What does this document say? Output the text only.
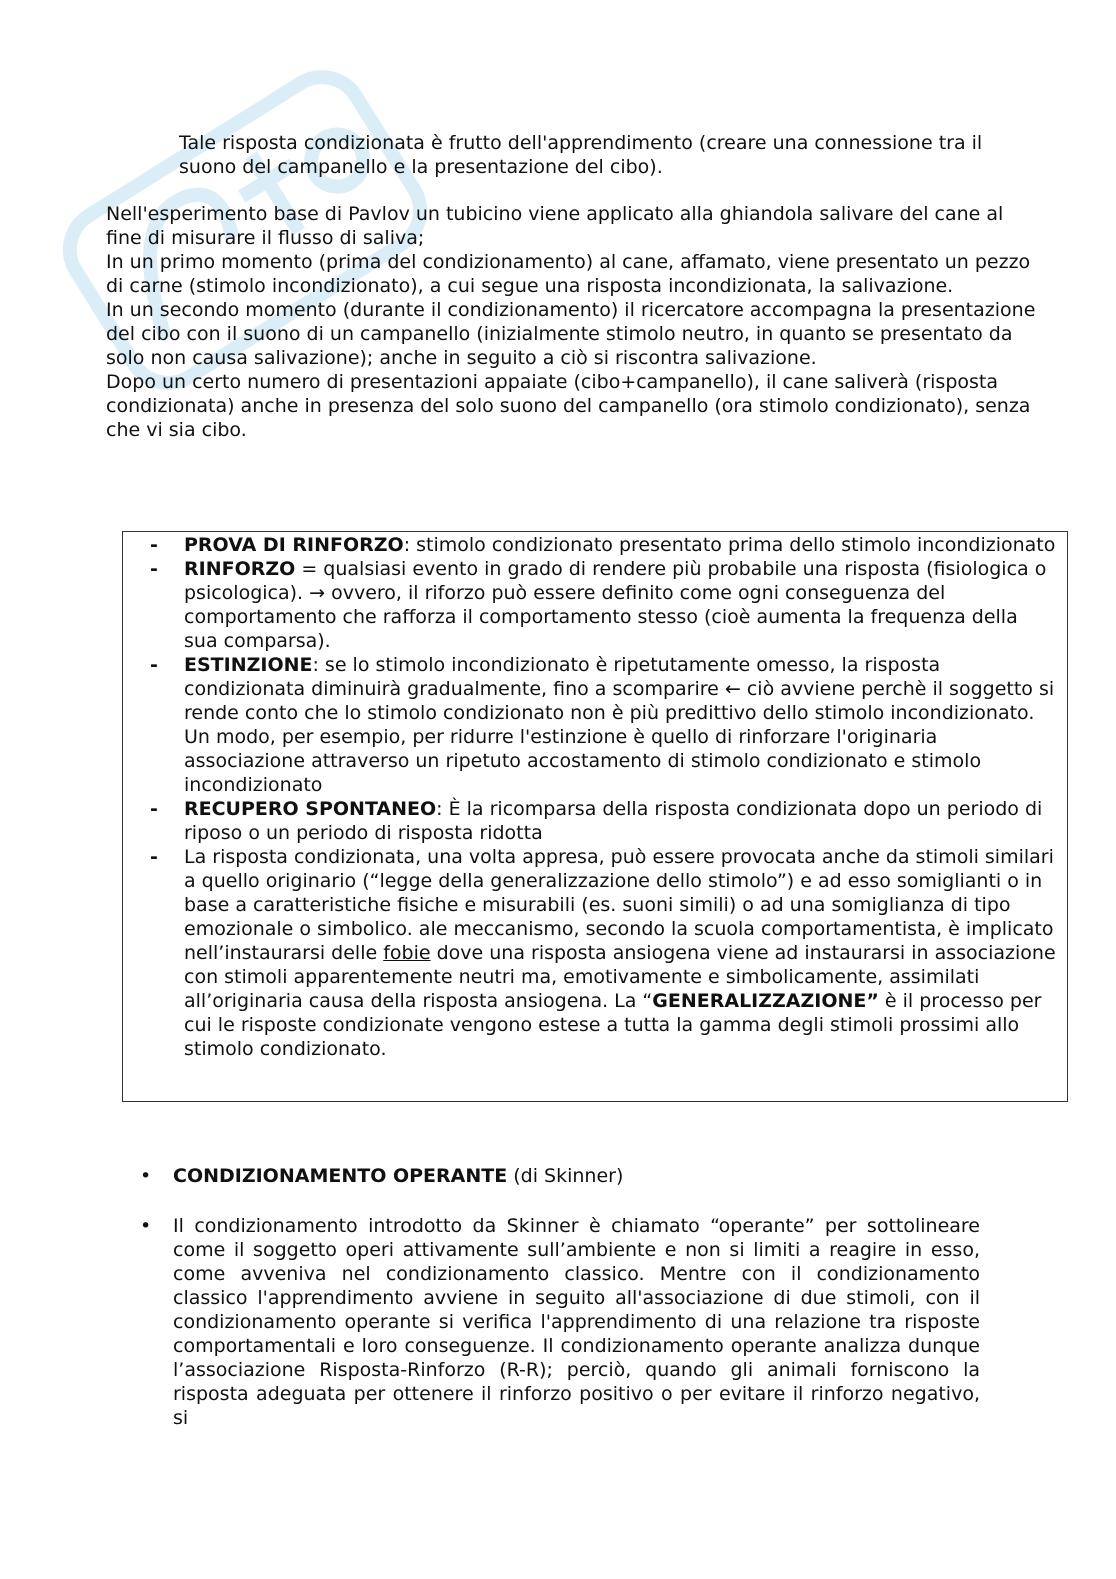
Tale risposta condizionata è frutto dell'apprendimento (creare una connessione tra il suono del campanello e la presentazione del cibo).

Nell'esperimento base di Pavlov un tubicino viene applicato alla ghiandola salivare del cane al fine di misurare il flusso di saliva;
In un primo momento (prima del condizionamento) al cane, affamato, viene presentato un pezzo di carne (stimolo incondizionato), a cui segue una risposta incondizionata, la salivazione.
In un secondo momento (durante il condizionamento) il ricercatore accompagna la presentazione del cibo con il suono di un campanello (inizialmente stimolo neutro, in quanto se presentato da solo non causa salivazione); anche in seguito a ciò si riscontra salivazione.
Dopo un certo numero di presentazioni appaiate (cibo+campanello), il cane saliverà (risposta condizionata) anche in presenza del solo suono del campanello (ora stimolo condizionato), senza che vi sia cibo.

- PROVA DI RINFORZO: stimolo condizionato presentato prima dello stimolo incondizionato
- RINFORZO = qualsiasi evento in grado di rendere più probabile una risposta (fisiologica o psicologica). → ovvero, il riforzo può essere definito come ogni conseguenza del comportamento che rafforza il comportamento stesso (cioè aumenta la frequenza della sua comparsa).
- ESTINZIONE: se lo stimolo incondizionato è ripetutamente omesso, la risposta condizionata diminuirà gradualmente, fino a scomparire ← ciò avviene perchè il soggetto si rende conto che lo stimolo condizionato non è più predittivo dello stimolo incondizionato. Un modo, per esempio, per ridurre l'estinzione è quello di rinforzare l'originaria associazione attraverso un ripetuto accostamento di stimolo condizionato e stimolo incondizionato
- RECUPERO SPONTANEO: È la ricomparsa della risposta condizionata dopo un periodo di riposo o un periodo di risposta ridotta
- La risposta condizionata, una volta appresa, può essere provocata anche da stimoli similari a quello originario (“legge della generalizzazione dello stimolo”) e ad esso somiglianti o in base a caratteristiche fisiche e misurabili (es. suoni simili) o ad una somiglianza di tipo emozionale o simbolico. ale meccanismo, secondo la scuola comportamentista, è implicato nell’instaurarsi delle fobie dove una risposta ansiogena viene ad instaurarsi in associazione con stimoli apparentemente neutri ma, emotivamente e simbolicamente, assimilati all’originaria causa della risposta ansiogena. La “GENERALIZZAZIONE” è il processo per cui le risposte condizionate vengono estese a tutta la gamma degli stimoli prossimi allo stimolo condizionato.
• CONDIZIONAMENTO OPERANTE (di Skinner)
• Il condizionamento introdotto da Skinner è chiamato “operante” per sottolineare come il soggetto operi attivamente sull’ambiente e non si limiti a reagire in esso, come avveniva nel condizionamento classico. Mentre con il condizionamento classico l'apprendimento avviene in seguito all'associazione di due stimoli, con il condizionamento operante si verifica l'apprendimento di una relazione tra risposte comportamentali e loro conseguenze. Il condizionamento operante analizza dunque l’associazione Risposta-Rinforzo (R-R); perciò, quando gli animali forniscono la risposta adeguata per ottenere il rinforzo positivo o per evitare il rinforzo negativo, si
